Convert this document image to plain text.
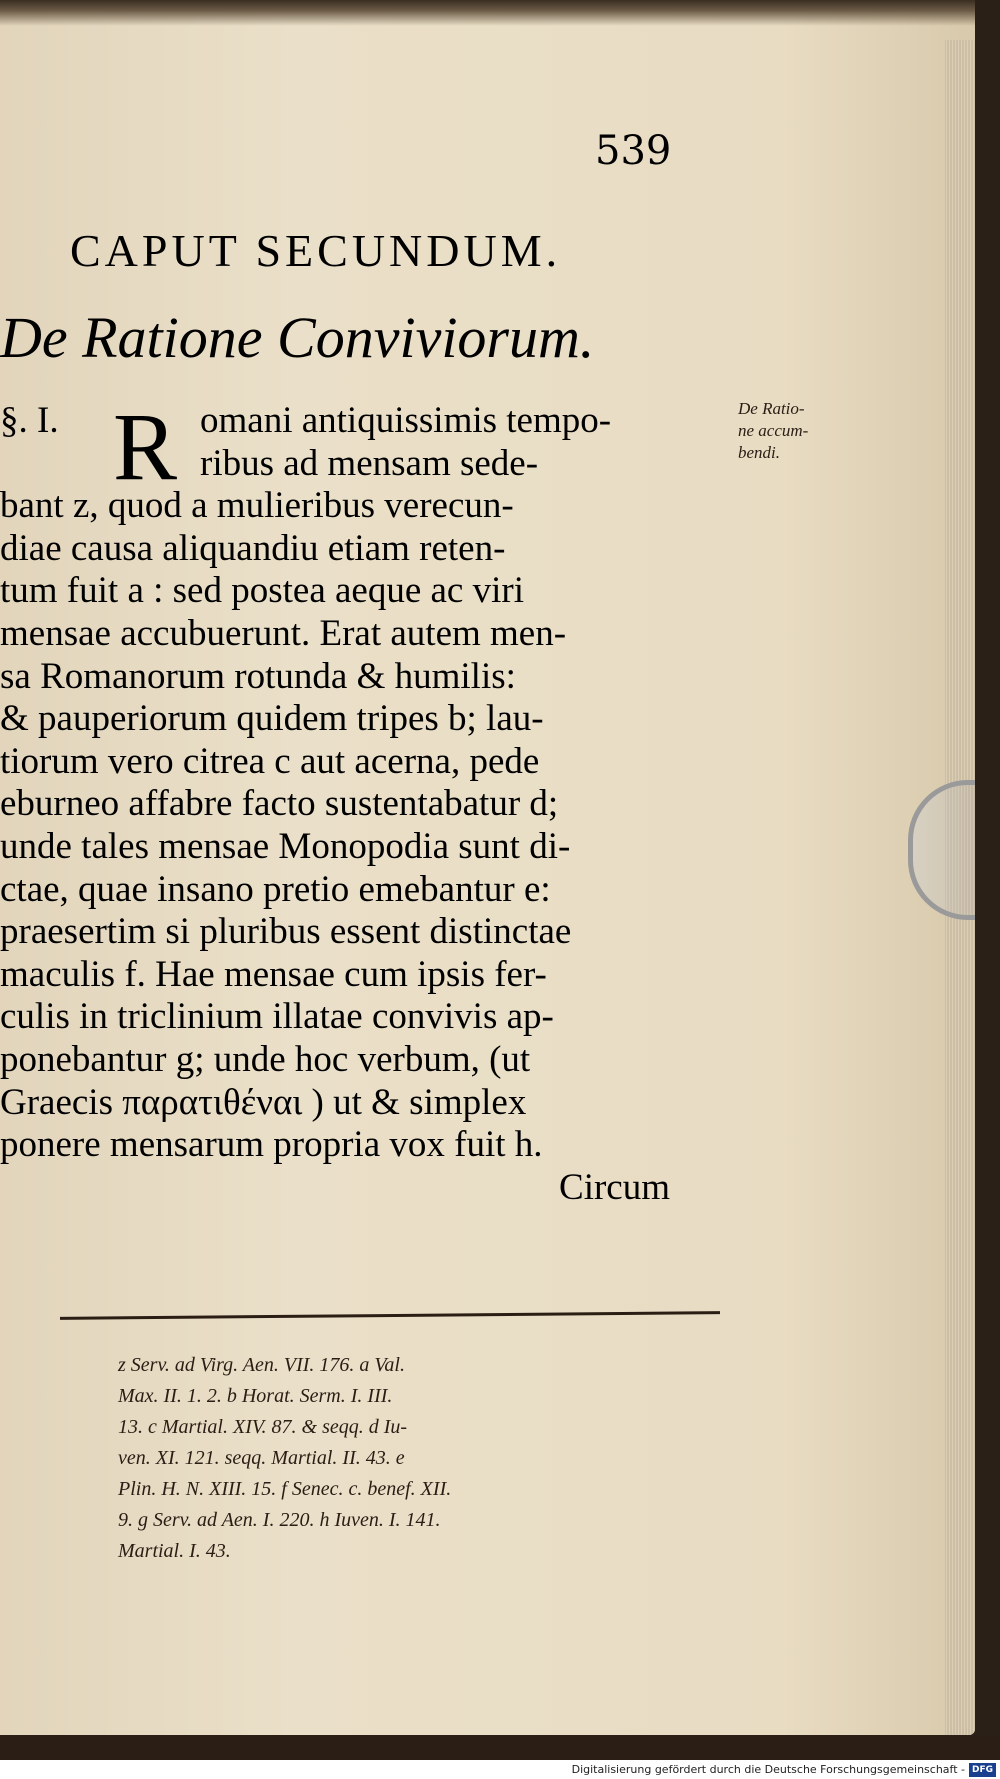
539
CAPUT SECUNDUM.
De Ratione Conviviorum.
De Ratio-
ne accum-
bendi.
R
§. I.	omani antiquissimis tempo-
ribus ad mensam sede-
bant z, quod a mulieribus verecun-
diae causa aliquandiu etiam reten-
tum fuit a : sed postea aeque ac viri
mensae accubuerunt. Erat autem men-
sa Romanorum rotunda & humilis:
& pauperiorum quidem tripes b; lau-
tiorum vero citrea c aut acerna, pede
eburneo affabre facto sustentabatur d;
unde tales mensae Monopodia sunt di-
ctae, quae insano pretio emebantur e:
praesertim si pluribus essent distinctae
maculis f. Hae mensae cum ipsis fer-
culis in triclinium illatae convivis ap-
ponebantur g; unde hoc verbum, (ut
Graecis παρατιθέναι ) ut & simplex
ponere mensarum propria vox fuit h.
Circum
z Serv. ad Virg. Aen. VII. 176. a Val.
Max. II. 1. 2. b Horat. Serm. I. III.
13. c Martial. XIV. 87. & seqq. d Iu-
ven. XI. 121. seqq. Martial. II. 43. e
Plin. H. N. XIII. 15. f Senec. c. benef. XII.
9. g Serv. ad Aen. I. 220. h Iuven. I. 141.
Martial. I. 43.
Digitalisierung gefördert durch die Deutsche Forschungsgemeinschaft - DFG
